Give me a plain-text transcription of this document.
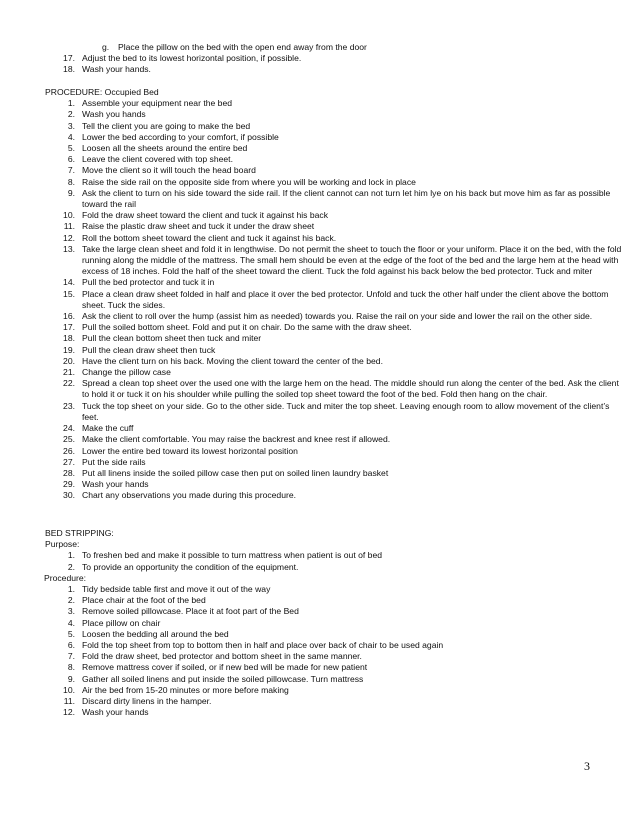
g. Place the pillow on the bed with the open end away from the door
17. Adjust the bed to its lowest horizontal position, if possible.
18. Wash your hands.
PROCEDURE: Occupied Bed
1. Assemble your equipment near the bed
2. Wash you hands
3. Tell the client you are going to make the bed
4. Lower the bed according to your comfort, if possible
5. Loosen all the sheets around the entire bed
6. Leave the client covered with top sheet.
7. Move the client so it will touch the head board
8. Raise the side rail on the opposite side from where you will be working and lock in place
9. Ask the client to turn on his side toward the side rail. If the client cannot can not turn let him lye on his back but move him as far as possible toward the rail
10. Fold the draw sheet toward the client and tuck it against his back
11. Raise the plastic draw sheet and tuck it under the draw sheet
12. Roll the bottom sheet toward the client and tuck it against his back.
13. Take the large clean sheet and fold it in lengthwise. Do not permit the sheet to touch the floor or your uniform. Place it on the bed, with the fold running along the middle of the mattress. The small hem should be even at the edge of the foot of the bed and the large hem at the head with excess of 18 inches. Fold the half of the sheet toward the client. Tuck the fold against his back below the bed protector. Tuck and miter
14. Pull the bed protector and tuck it in
15. Place a clean draw sheet folded in half and place it over the bed protector. Unfold and tuck the other half under the client above the bottom sheet. Tuck the sides.
16. Ask the client to roll over the hump (assist him as needed) towards you. Raise the rail on your side and lower the rail on the other side.
17. Pull the soiled bottom sheet. Fold and put it on chair. Do the same with the draw sheet.
18. Pull the clean bottom sheet then tuck and miter
19. Pull the clean draw sheet then tuck
20. Have the client turn on his back. Moving the client toward the center of the bed.
21. Change the pillow case
22. Spread a clean top sheet over the used one with the large hem on the head. The middle should run along the center of the bed. Ask the client to hold it or tuck it on his shoulder while pulling the soiled top sheet toward the foot of the bed. Fold then hang on the chair.
23. Tuck the top sheet on your side. Go to the other side. Tuck and miter the top sheet. Leaving enough room to allow movement of the client’s feet.
24. Make the cuff
25. Make the client comfortable. You may raise the backrest and knee rest if allowed.
26. Lower the entire bed toward its lowest horizontal position
27. Put the side rails
28. Put all linens inside the soiled pillow case then put on soiled linen laundry basket
29. Wash your hands
30. Chart any observations you made during this procedure.
BED STRIPPING:
Purpose:
1. To freshen bed and make it possible to turn mattress when patient is out of bed
2. To provide an opportunity the condition of the equipment.
Procedure:
1. Tidy bedside table first and move it out of the way
2. Place chair at the foot of the bed
3. Remove soiled pillowcase. Place it at foot part of the Bed
4. Place pillow on chair
5. Loosen the bedding all around the bed
6. Fold the top sheet from top to bottom then in half and place over back of chair to be used again
7. Fold the draw sheet, bed protector and bottom sheet in the same manner.
8. Remove mattress cover if soiled, or if new bed will be made for new patient
9. Gather all soiled linens and put inside the soiled pillowcase. Turn mattress
10. Air the bed from 15-20 minutes or more before making
11. Discard dirty linens in the hamper.
12. Wash your hands
3
